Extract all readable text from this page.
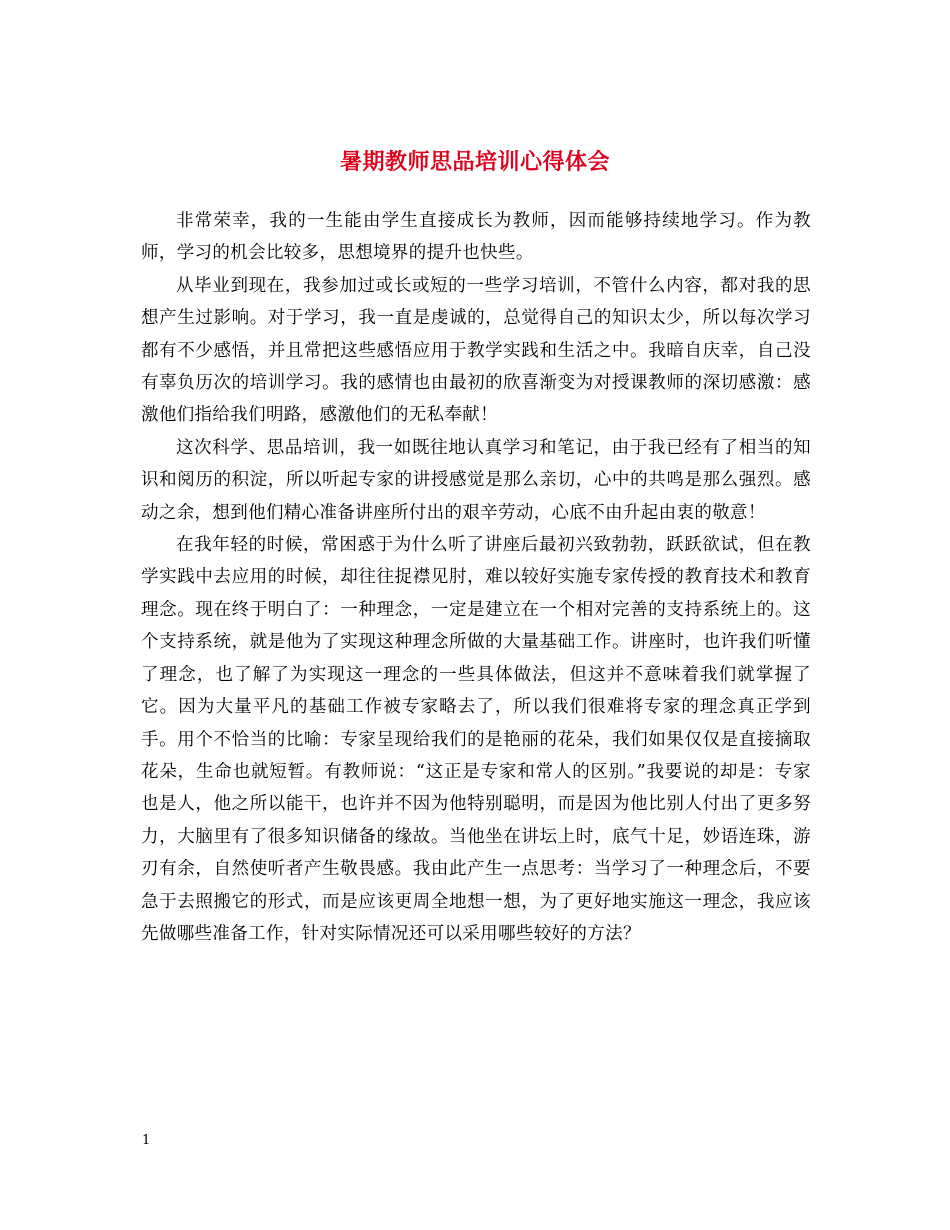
暑期教师思品培训心得体会

非常荣幸，我的一生能由学生直接成长为教师，因而能够持续地学习。作为教师，学习的机会比较多，思想境界的提升也快些。

从毕业到现在，我参加过或长或短的一些学习培训，不管什么内容，都对我的思想产生过影响。对于学习，我一直是虔诚的，总觉得自己的知识太少，所以每次学习都有不少感悟，并且常把这些感悟应用于教学实践和生活之中。我暗自庆幸，自己没有辜负历次的培训学习。我的感情也由最初的欣喜渐变为对授课教师的深切感激：感激他们指给我们明路，感激他们的无私奉献！

这次科学、思品培训，我一如既往地认真学习和笔记，由于我已经有了相当的知识和阅历的积淀，所以听起专家的讲授感觉是那么亲切，心中的共鸣是那么强烈。感动之余，想到他们精心准备讲座所付出的艰辛劳动，心底不由升起由衷的敬意！

在我年轻的时候，常困惑于为什么听了讲座后最初兴致勃勃，跃跃欲试，但在教学实践中去应用的时候，却往往捉襟见肘，难以较好实施专家传授的教育技术和教育理念。现在终于明白了：一种理念，一定是建立在一个相对完善的支持系统上的。这个支持系统，就是他为了实现这种理念所做的大量基础工作。讲座时，也许我们听懂了理念，也了解了为实现这一理念的一些具体做法，但这并不意味着我们就掌握了它。因为大量平凡的基础工作被专家略去了，所以我们很难将专家的理念真正学到手。用个不恰当的比喻：专家呈现给我们的是艳丽的花朵，我们如果仅仅是直接摘取花朵，生命也就短暂。有教师说：“这正是专家和常人的区别。”我要说的却是：专家也是人，他之所以能干，也许并不因为他特别聪明，而是因为他比别人付出了更多努力，大脑里有了很多知识储备的缘故。当他坐在讲坛上时，底气十足，妙语连珠，游刃有余，自然使听者产生敬畏感。我由此产生一点思考：当学习了一种理念后，不要急于去照搬它的形式，而是应该更周全地想一想，为了更好地实施这一理念，我应该先做哪些准备工作，针对实际情况还可以采用哪些较好的方法？

1
